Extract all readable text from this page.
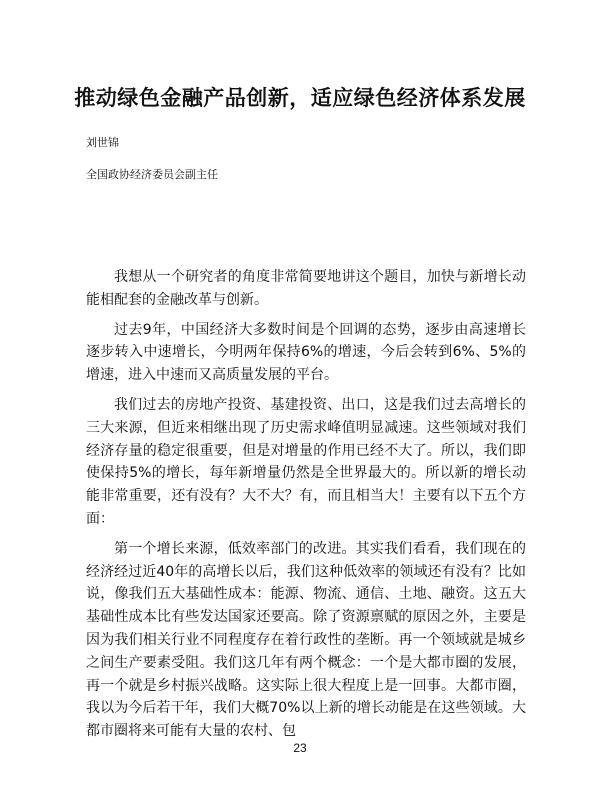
推动绿色金融产品创新，适应绿色经济体系发展
刘世锦
全国政协经济委员会副主任

我想从一个研究者的角度非常简要地讲这个题目，加快与新增长动能相配套的金融改革与创新。

过去9年，中国经济大多数时间是个回调的态势，逐步由高速增长逐步转入中速增长，今明两年保持6%的增速，今后会转到6%、5%的增速，进入中速而又高质量发展的平台。

我们过去的房地产投资、基建投资、出口，这是我们过去高增长的三大来源，但近来相继出现了历史需求峰值明显减速。这些领域对我们经济存量的稳定很重要，但是对增量的作用已经不大了。所以，我们即使保持5%的增长，每年新增量仍然是全世界最大的。所以新的增长动能非常重要，还有没有？大不大？有，而且相当大！主要有以下五个方面：

第一个增长来源，低效率部门的改进。其实我们看看，我们现在的经济经过近40年的高增长以后，我们这种低效率的领域还有没有？比如说，像我们五大基础性成本：能源、物流、通信、土地、融资。这五大基础性成本比有些发达国家还要高。除了资源禀赋的原因之外，主要是因为我们相关行业不同程度存在着行政性的垄断。再一个领域就是城乡之间生产要素受阻。我们这几年有两个概念：一个是大都市圈的发展，再一个就是乡村振兴战略。这实际上很大程度上是一回事。大都市圈，我以为今后若干年，我们大概70%以上新的增长动能是在这些领域。大都市圈将来可能有大量的农村、包

23
